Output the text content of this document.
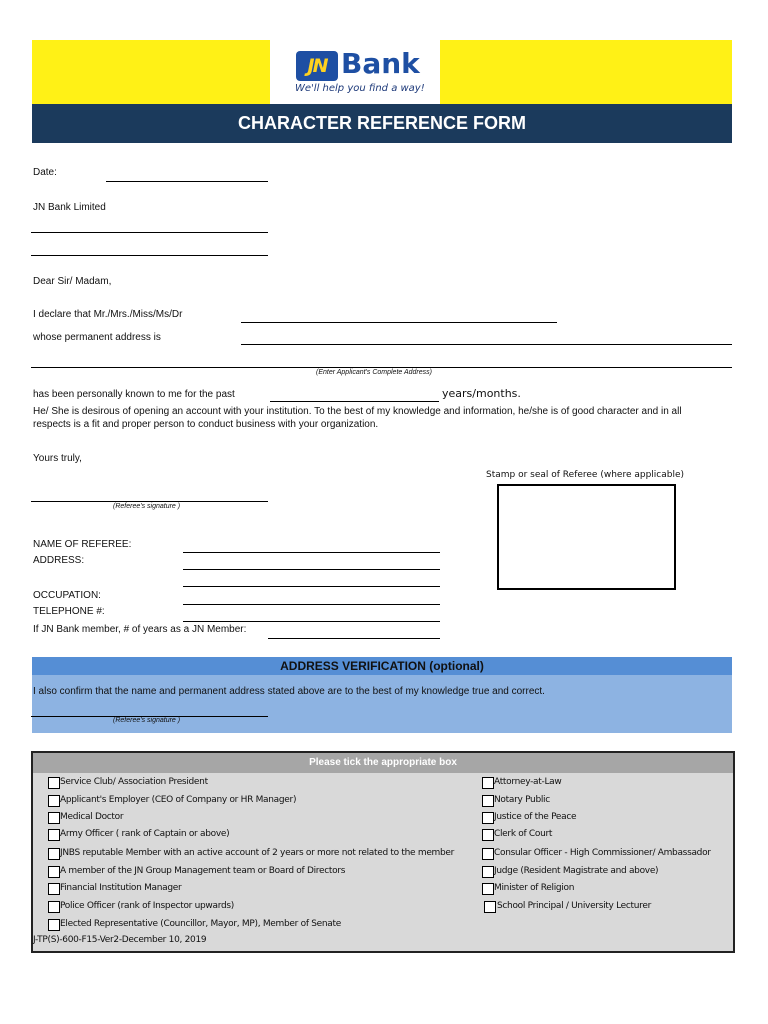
JN Bank
We'll help you find a way!
CHARACTER REFERENCE FORM
Date:
JN Bank Limited
Dear Sir/ Madam,
I declare that Mr./Mrs./Miss/Ms/Dr
whose permanent address is
(Enter Applicant's Complete Address)
has been personally known to me for the past	years/months.
He/ She is desirous of opening an account with your institution. To the best of my knowledge and information, he/she is of good character and in all
respects is a fit and proper person to conduct business with your organization.
Yours truly,
Stamp or seal of Referee (where applicable)
(Referee's signature )
NAME OF REFEREE:
ADDRESS:
OCCUPATION:
TELEPHONE #:
If JN Bank member, # of years as a JN Member:
ADDRESS VERIFICATION (optional)
I also confirm that the name and permanent address stated above are to the best of my knowledge true and correct.
(Referee's signature )
Please tick the appropriate box
Service Club/ Association President
Applicant's Employer (CEO of Company or HR Manager)
Medical Doctor
Army Officer ( rank of Captain or above)
JNBS reputable Member with an active account of 2 years or more not related to the member
A member of the JN Group Management team or Board of Directors
Financial Institution Manager
Police Officer (rank of Inspector upwards)
Elected Representative (Councillor, Mayor, MP), Member of Senate
Attorney-at-Law
Notary Public
Justice of the Peace
Clerk of Court
Consular Officer - High Commissioner/ Ambassador
Judge (Resident Magistrate and above)
Minister of Religion
School Principal / University Lecturer
J-TP(S)-600-F15-Ver2-December 10, 2019
